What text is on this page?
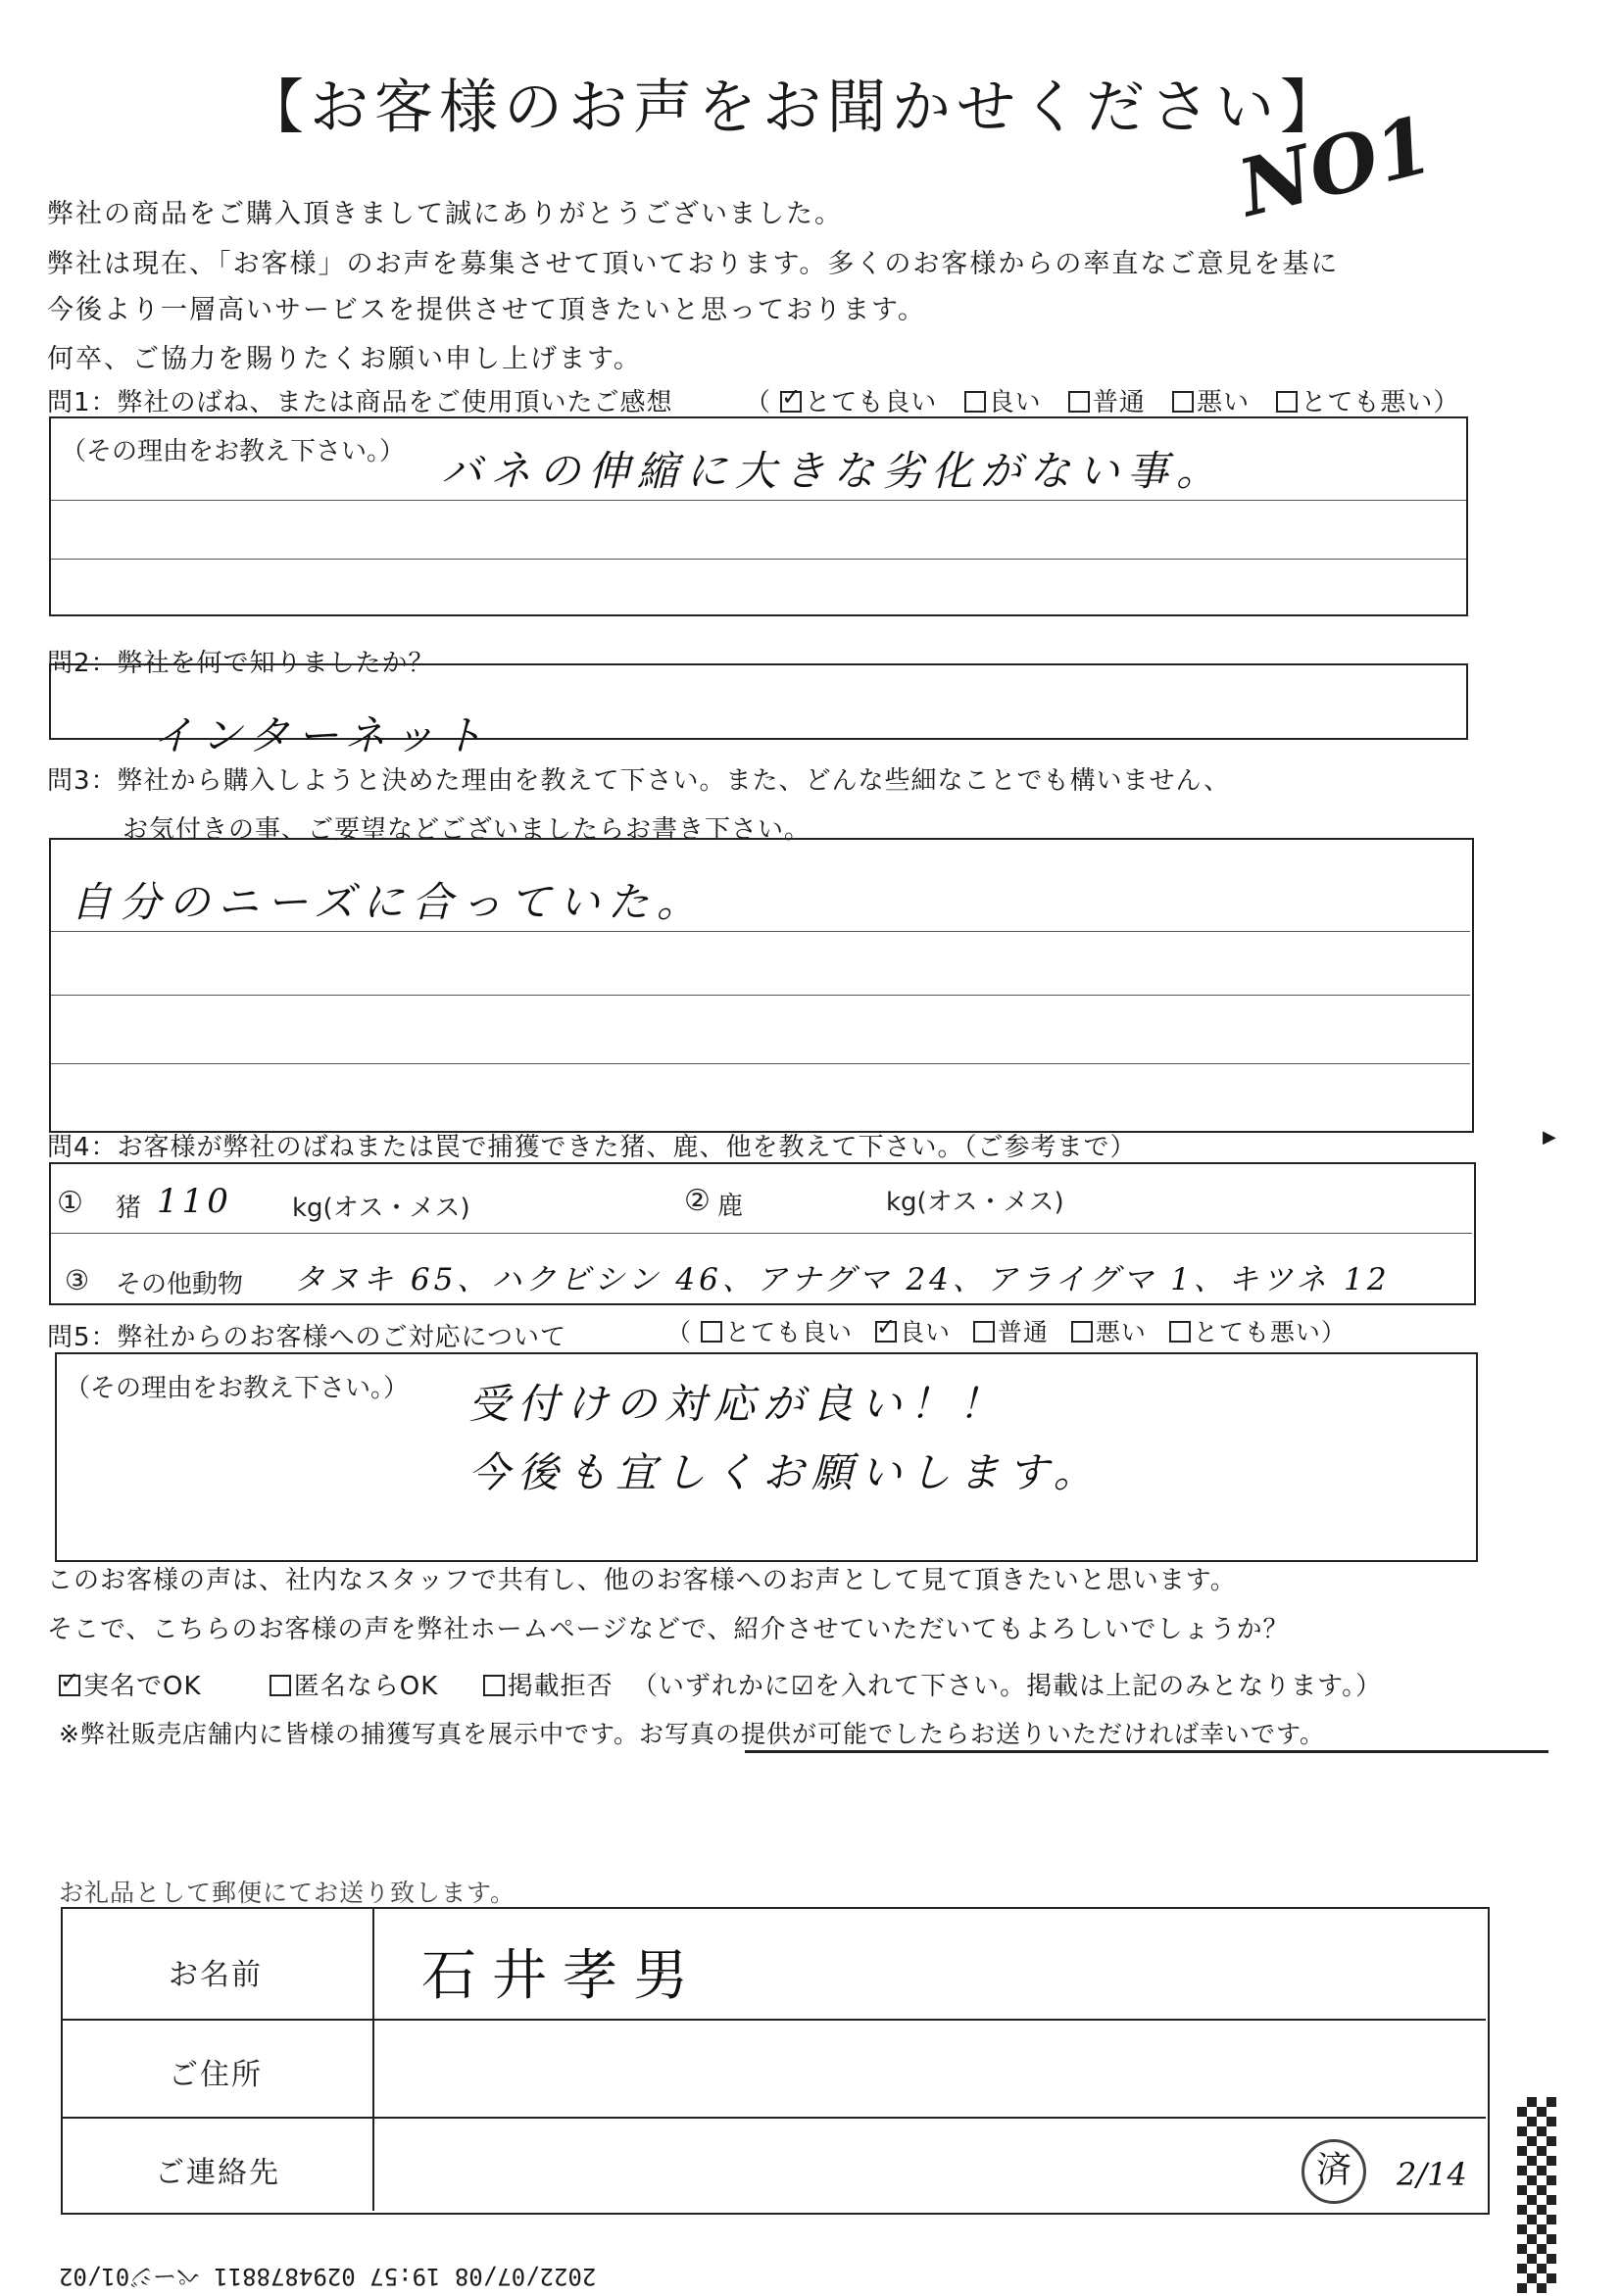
【お客様のお声をお聞かせください】
NO1
弊社の商品をご購入頂きまして誠にありがとうございました。
弊社は現在、「お客様」のお声を募集させて頂いております。多くのお客様からの率直なご意見を基に
今後より一層高いサービスを提供させて頂きたいと思っております。
何卒、ご協力を賜りたくお願い申し上げます。
問1：弊社のばね、または商品をご使用頂いたご感想	（ ✓ とても良い 良い 普通 悪い とても悪い）
（その理由をお教え下さい。） バネの伸縮に大きな劣化がない事。
問2：弊社を何で知りましたか？
インターネット
問3：弊社から購入しようと決めた理由を教えて下さい。また、どんな些細なことでも構いません、
お気付きの事、ご要望などございましたらお書き下さい。
自分のニーズに合っていた。
問4：お客様が弊社のばねまたは罠で捕獲できた猪、鹿、他を教えて下さい。（ご参考まで）
① 猪 110 kg(オス・メス)	② 鹿	kg(オス・メス)
③ その他動物 タヌキ 65、ハクビシン 46、アナグマ 24、アライグマ 1、キツネ 12
問5：弊社からのお客様へのご対応について	（ とても良い ✓ 良い 普通 悪い とても悪い）
（その理由をお教え下さい。） 受付けの対応が良い！！
今後も宜しくお願いします。
このお客様の声は、社内なスタッフで共有し、他のお客様へのお声として見て頂きたいと思います。
そこで、こちらのお客様の声を弊社ホームページなどで、紹介させていただいてもよろしいでしょうか？
✓実名でOK	匿名ならOK	掲載拒否 （いずれかに☑を入れて下さい。掲載は上記のみとなります。）
※弊社販売店舗内に皆様の捕獲写真を展示中です。お写真の提供が可能でしたらお送りいただければ幸いです。
お礼品として郵便にてお送り致します。
お名前	石井孝男
ご住所
ご連絡先	済	2/14
2022/07/08 19:57 0294878811 ページ01/02
▶
